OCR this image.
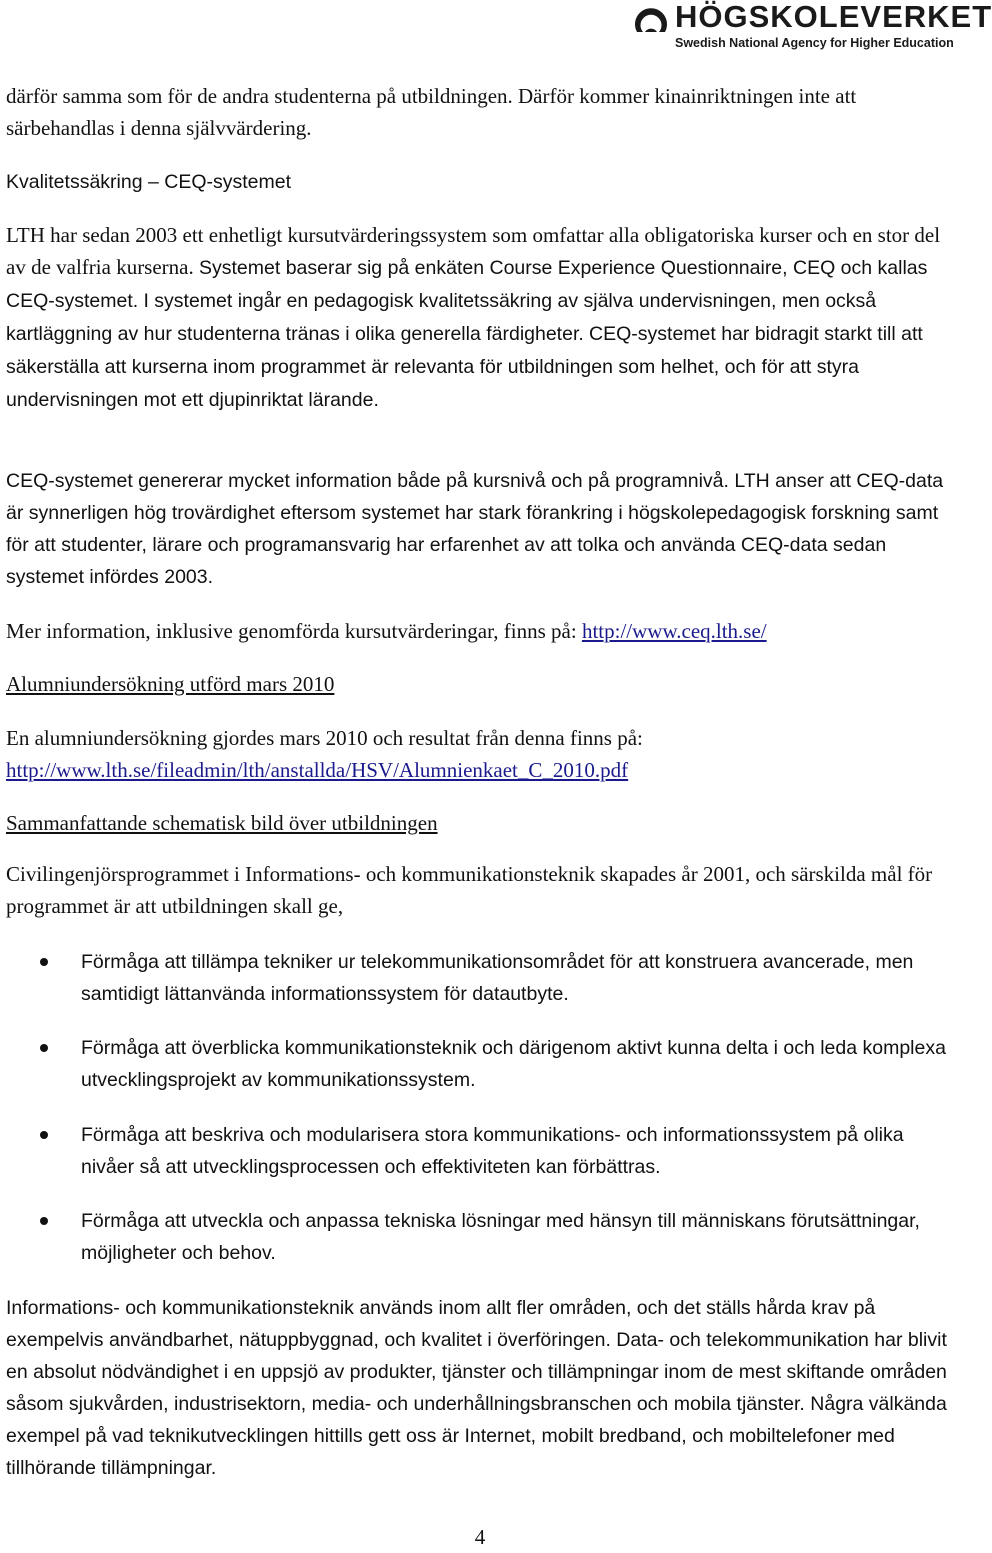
HÖGSKOLEVERKET
Swedish National Agency for Higher Education

därför samma som för de andra studenterna på utbildningen. Därför kommer kinainriktningen inte att särbehandlas i denna självvärdering.

Kvalitetssäkring – CEQ-systemet

LTH har sedan 2003 ett enhetligt kursutvärderingssystem som omfattar alla obligatoriska kurser och en stor del av de valfria kurserna. Systemet baserar sig på enkäten Course Experience Questionnaire, CEQ och kallas CEQ-systemet. I systemet ingår en pedagogisk kvalitetssäkring av själva undervisningen, men också kartläggning av hur studenterna tränas i olika generella färdigheter. CEQ-systemet har bidragit starkt till att säkerställa att kurserna inom programmet är relevanta för utbildningen som helhet, och för att styra undervisningen mot ett djupinriktat lärande.

CEQ-systemet genererar mycket information både på kursnivå och på programnivå. LTH anser att CEQ-data är synnerligen hög trovärdighet eftersom systemet har stark förankring i högskolepedagogisk forskning samt för att studenter, lärare och programansvarig har erfarenhet av att tolka och använda CEQ-data sedan systemet infördes 2003.

Mer information, inklusive genomförda kursutvärderingar, finns på: http://www.ceq.lth.se/

Alumniundersökning utförd mars 2010

En alumniundersökning gjordes mars 2010 och resultat från denna finns på:
http://www.lth.se/fileadmin/lth/anstallda/HSV/Alumnienkaet_C_2010.pdf

Sammanfattande schematisk bild över utbildningen

Civilingenjörsprogrammet i Informations- och kommunikationsteknik skapades år 2001, och särskilda mål för programmet är att utbildningen skall ge,

Förmåga att tillämpa tekniker ur telekommunikationsområdet för att konstruera avancerade, men samtidigt lättanvända informationssystem för datautbyte.
Förmåga att överblicka kommunikationsteknik och därigenom aktivt kunna delta i och leda komplexa utvecklingsprojekt av kommunikationssystem.
Förmåga att beskriva och modularisera stora kommunikations- och informationssystem på olika nivåer så att utvecklingsprocessen och effektiviteten kan förbättras.
Förmåga att utveckla och anpassa tekniska lösningar med hänsyn till människans förutsättningar, möjligheter och behov.

Informations- och kommunikationsteknik används inom allt fler områden, och det ställs hårda krav på exempelvis användbarhet, nätuppbyggnad, och kvalitet i överföringen. Data- och telekommunikation har blivit en absolut nödvändighet i en uppsjö av produkter, tjänster och tillämpningar inom de mest skiftande områden såsom sjukvården, industrisektorn, media- och underhållningsbranschen och mobila tjänster. Några välkända exempel på vad teknikutvecklingen hittills gett oss är Internet, mobilt bredband, och mobiltelefoner med tillhörande tillämpningar.

4
